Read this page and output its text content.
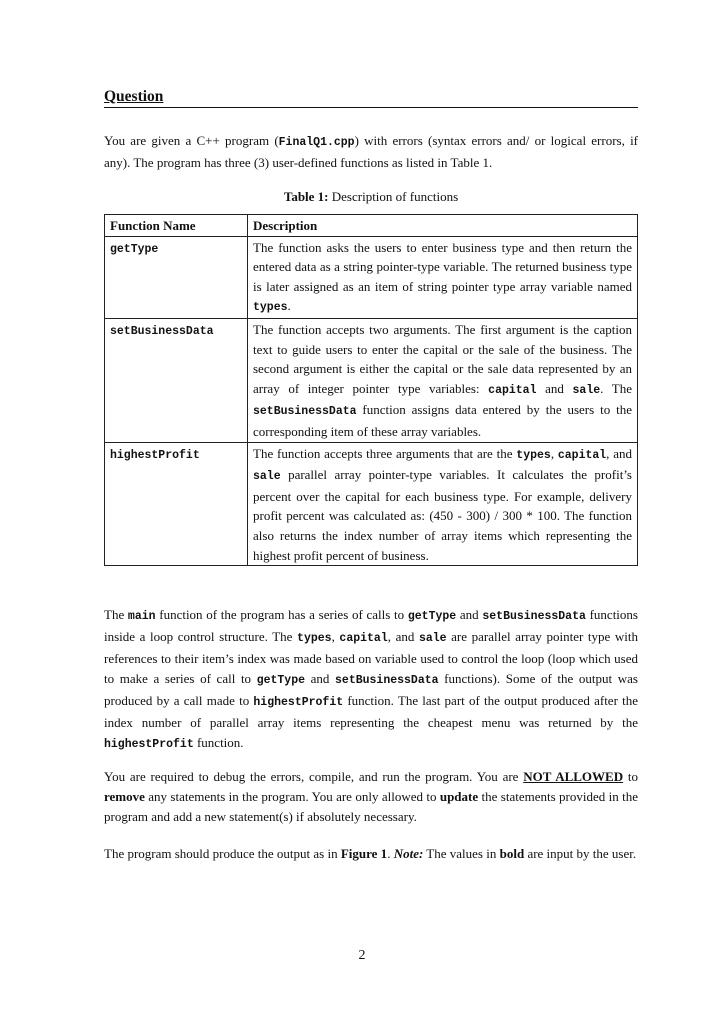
Question

You are given a C++ program (FinalQ1.cpp) with errors (syntax errors and/ or logical errors, if any). The program has three (3) user-defined functions as listed in Table 1.

Table 1: Description of functions
Function Name	Description
getType	The function asks the users to enter business type and then return the entered data as a string pointer-type variable. The returned business type is later assigned as an item of string pointer type array variable named types.
setBusinessData	The function accepts two arguments. The first argument is the caption text to guide users to enter the capital or the sale of the business. The second argument is either the capital or the sale data represented by an array of integer pointer type variables: capital and sale. The setBusinessData function assigns data entered by the users to the corresponding item of these array variables.
highestProfit	The function accepts three arguments that are the types, capital, and sale parallel array pointer-type variables. It calculates the profit’s percent over the capital for each business type. For example, delivery profit percent was calculated as: (450 - 300) / 300 * 100. The function also returns the index number of array items which representing the highest profit percent of business.

The main function of the program has a series of calls to getType and setBusinessData functions inside a loop control structure. The types, capital, and sale are parallel array pointer type with references to their item’s index was made based on variable used to control the loop (loop which used to make a series of call to getType and setBusinessData functions). Some of the output was produced by a call made to highestProfit function. The last part of the output produced after the index number of parallel array items representing the cheapest menu was returned by the highestProfit function.

You are required to debug the errors, compile, and run the program. You are NOT ALLOWED to remove any statements in the program. You are only allowed to update the statements provided in the program and add a new statement(s) if absolutely necessary.

The program should produce the output as in Figure 1. Note: The values in bold are input by the user.

2
